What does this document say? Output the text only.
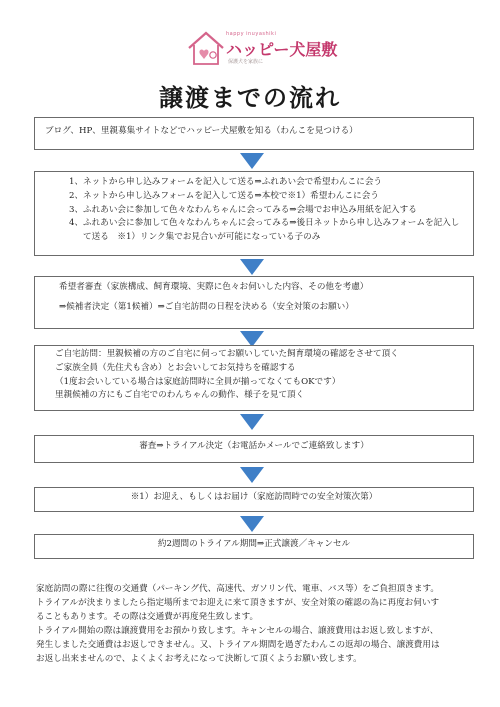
happy inuyashiki
ハッピー犬屋敷
保護犬を家族に
譲渡までの流れ
ブログ、HP、里親募集サイトなどでハッピー犬屋敷を知る（わんこを見つける）
1、ネットから申し込みフォームを記入して送る⇒ふれあい会で希望わんこに会う
2、ネットから申し込みフォームを記入して送る⇒本校で※1）希望わんこに会う
3、ふれあい会に参加して色々なわんちゃんに会ってみる⇒会場でお申込み用紙を記入する
4、ふれあい会に参加して色々なわんちゃんに会ってみる⇒後日ネットから申し込みフォームを記入し
て送る　※1）リンク集でお見合いが可能になっている子のみ
希望者審査（家族構成、飼育環境、実際に色々お伺いした内容、その他を考慮）
⇒候補者決定（第1候補）⇒ご自宅訪問の日程を決める（安全対策のお願い）
ご自宅訪問：里親候補の方のご自宅に伺ってお願いしていた飼育環境の確認をさせて頂く
ご家族全員（先住犬も含め）とお会いしてお気持ちを確認する
（1度お会いしている場合は家庭訪問時に全員が揃ってなくてもOKです）
里親候補の方にもご自宅でのわんちゃんの動作、様子を見て頂く
審査⇒トライアル決定（お電話かメールでご連絡致します）
※1）お迎え、もしくはお届け（家庭訪問時での安全対策次第）
約2週間のトライアル期間⇒正式譲渡／キャンセル
家庭訪問の際に往復の交通費（パーキング代、高速代、ガソリン代、電車、バス等）をご負担頂きます。
トライアルが決まりましたら指定場所までお迎えに来て頂きますが、安全対策の確認の為に再度お伺いす
ることもあります。その際は交通費が再度発生致します。
トライアル開始の際は譲渡費用をお預かり致します。キャンセルの場合、譲渡費用はお返し致しますが、
発生しました交通費はお返しできません。又、トライアル期間を過ぎたわんこの返却の場合、譲渡費用は
お返し出来ませんので、よくよくお考えになって決断して頂くようお願い致します。
